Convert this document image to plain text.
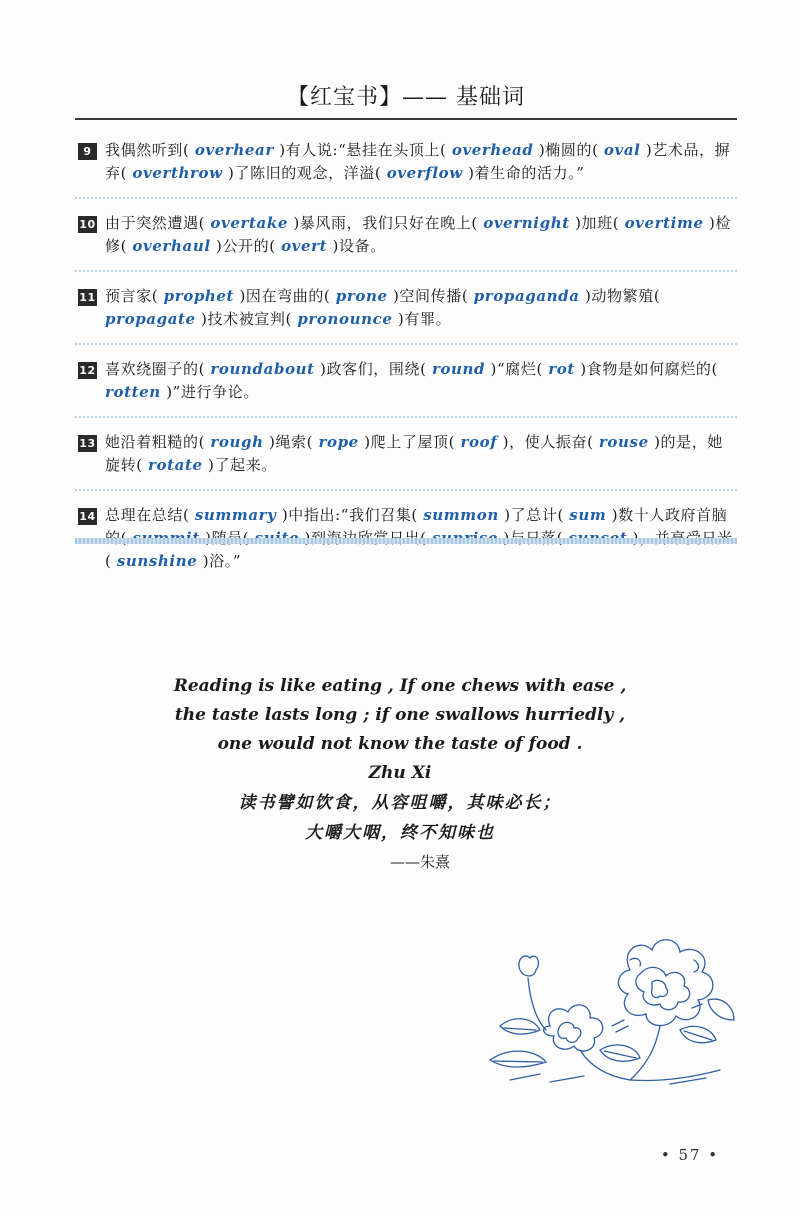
【红宝书】—— 基础词
9 我偶然听到( overhear )有人说:“悬挂在头顶上( overhead )椭圆的( oval )艺术品，摒弃( overthrow )了陈旧的观念，洋溢( overflow )着生命的活力。”
10 由于突然遭遇( overtake )暴风雨，我们只好在晚上( overnight )加班( overtime )检修( overhaul )公开的( overt )设备。
11 预言家( prophet )因在弯曲的( prone )空间传播( propaganda )动物繁殖( propagate )技术被宣判( pronounce )有罪。
12 喜欢绕圈子的( roundabout )政客们，围绕( round )“腐烂( rot )食物是如何腐烂的( rotten )”进行争论。
13 她沿着粗糙的( rough )绳索( rope )爬上了屋顶( roof )，使人振奋( rouse )的是，她旋转( rotate )了起来。
14 总理在总结( summary )中指出:“我们召集( summon )了总计( sum )数十人政府首脑 ( sunshine )浴。”
Reading is like eating , If one chews with ease ,
the taste lasts long ; if one swallows hurriedly ,
one would not know the taste of food .
Zhu Xi
读书譬如饮食，从容咀嚼，其味必长；
大嚼大咽，终不知味也
——朱熹
• 57 •
